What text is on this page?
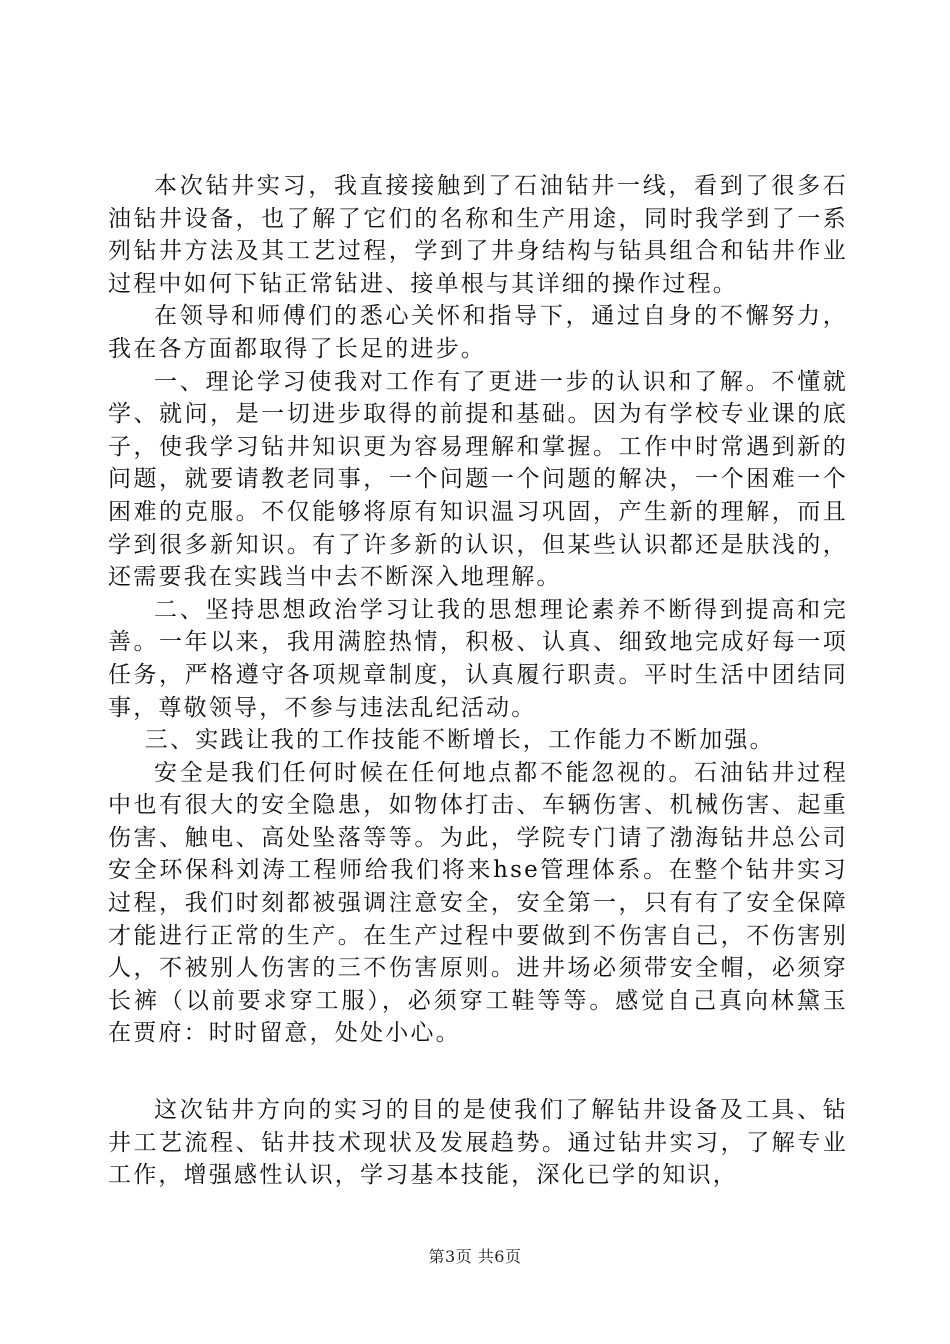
本次钻井实习，我直接接触到了石油钻井一线，看到了很多石油钻井设备，也了解了它们的名称和生产用途，同时我学到了一系列钻井方法及其工艺过程，学到了井身结构与钻具组合和钻井作业过程中如何下钻正常钻进、接单根与其详细的操作过程。

在领导和师傅们的悉心关怀和指导下，通过自身的不懈努力，我在各方面都取得了长足的进步。

一、理论学习使我对工作有了更进一步的认识和了解。不懂就学、就问，是一切进步取得的前提和基础。因为有学校专业课的底子，使我学习钻井知识更为容易理解和掌握。工作中时常遇到新的问题，就要请教老同事，一个问题一个问题的解决，一个困难一个困难的克服。不仅能够将原有知识温习巩固，产生新的理解，而且学到很多新知识。有了许多新的认识，但某些认识都还是肤浅的，还需要我在实践当中去不断深入地理解。

二、坚持思想政治学习让我的思想理论素养不断得到提高和完善。一年以来，我用满腔热情，积极、认真、细致地完成好每一项任务，严格遵守各项规章制度，认真履行职责。平时生活中团结同事，尊敬领导，不参与违法乱纪活动。

三、实践让我的工作技能不断增长，工作能力不断加强。

安全是我们任何时候在任何地点都不能忽视的。石油钻井过程中也有很大的安全隐患，如物体打击、车辆伤害、机械伤害、起重伤害、触电、高处坠落等等。为此，学院专门请了渤海钻井总公司安全环保科刘涛工程师给我们将来hse管理体系。在整个钻井实习过程，我们时刻都被强调注意安全，安全第一，只有有了安全保障才能进行正常的生产。在生产过程中要做到不伤害自己，不伤害别人，不被别人伤害的三不伤害原则。进井场必须带安全帽，必须穿长裤（以前要求穿工服），必须穿工鞋等等。感觉自己真向林黛玉在贾府：时时留意，处处小心。

这次钻井方向的实习的目的是使我们了解钻井设备及工具、钻井工艺流程、钻井技术现状及发展趋势。通过钻井实习，了解专业工作，增强感性认识，学习基本技能，深化已学的知识，

第3页 共6页
